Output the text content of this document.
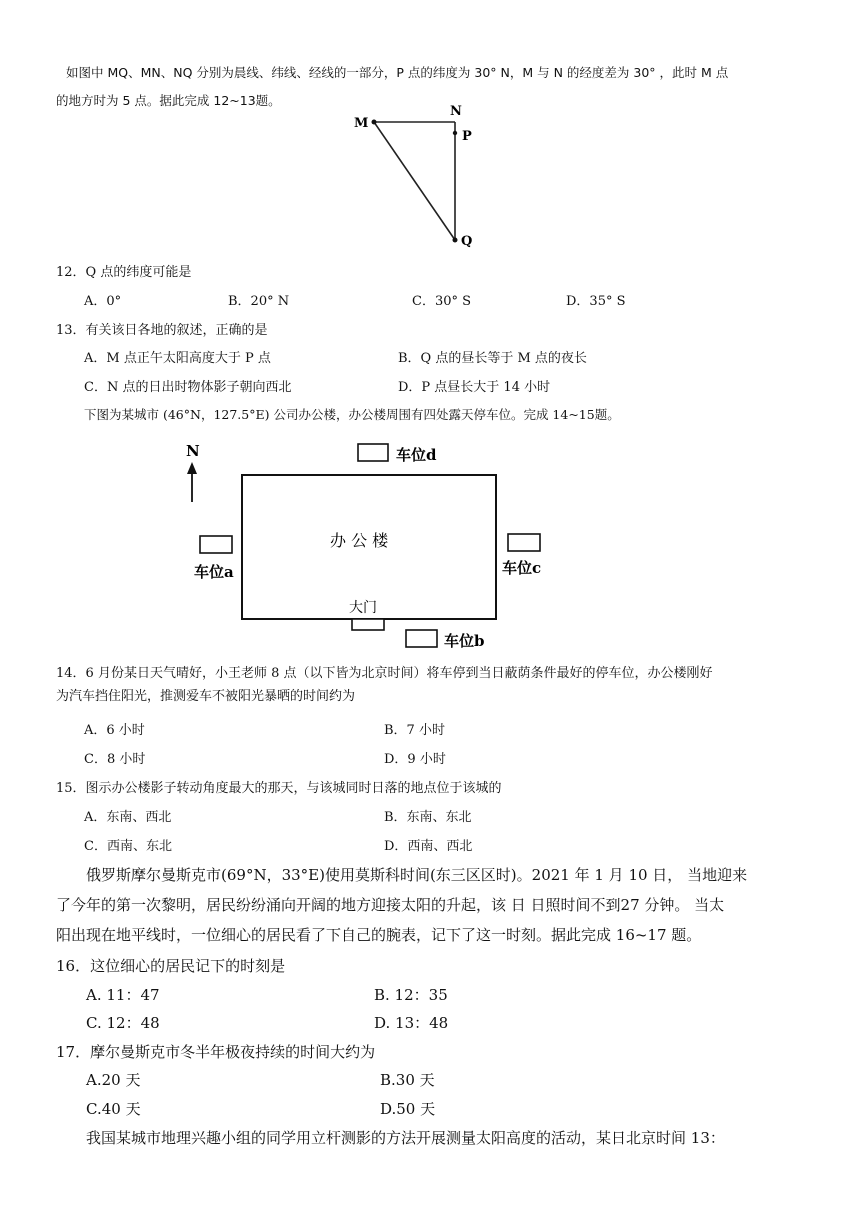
如图中 MQ、MN、NQ 分别为晨线、纬线、经线的一部分，P 点的纬度为 30° N，M 与 N 的经度差为 30° ，此时 M 点
的地方时为 5 点。据此完成 12~13题。
M
N
P
Q
12．Q 点的纬度可能是
A．0°	B．20° N	C．30° S	D．35° S
13．有关该日各地的叙述，正确的是
A．M 点正午太阳高度大于 P 点	B．Q 点的昼长等于 M 点的夜长
C．N 点的日出时物体影子朝向西北	D．P 点昼长大于 14 小时
下图为某城市 (46°N，127.5°E) 公司办公楼，办公楼周围有四处露天停车位。完成 14~15题。
N
办 公 楼
大门
车位d
车位a	车位c
车位b
14．6 月份某日天气晴好，小王老师 8 点（以下皆为北京时间）将车停到当日蔽荫条件最好的停车位，办公楼刚好
为汽车挡住阳光，推测爱车不被阳光暴晒的时间约为
A．6 小时	B．7 小时
C．8 小时	D．9 小时
15．图示办公楼影子转动角度最大的那天，与该城同时日落的地点位于该城的
A．东南、西北	B．东南、东北
C．西南、东北	D．西南、西北
俄罗斯摩尔曼斯克市(69°N，33°E)使用莫斯科时间(东三区区时)。2021 年 1 月 10 日， 当地迎来
了今年的第一次黎明，居民纷纷涌向开阔的地方迎接太阳的升起，该 日 日照时间不到27 分钟。 当太
阳出现在地平线时，一位细心的居民看了下自己的腕表，记下了这一时刻。据此完成 16~17 题。
16．这位细心的居民记下的时刻是
A. 11：47	B. 12：35
C. 12：48	D. 13：48
17．摩尔曼斯克市冬半年极夜持续的时间大约为
A.20 天	B.30 天
C.40 天	D.50 天
我国某城市地理兴趣小组的同学用立杆测影的方法开展测量太阳高度的活动，某日北京时间 13：
